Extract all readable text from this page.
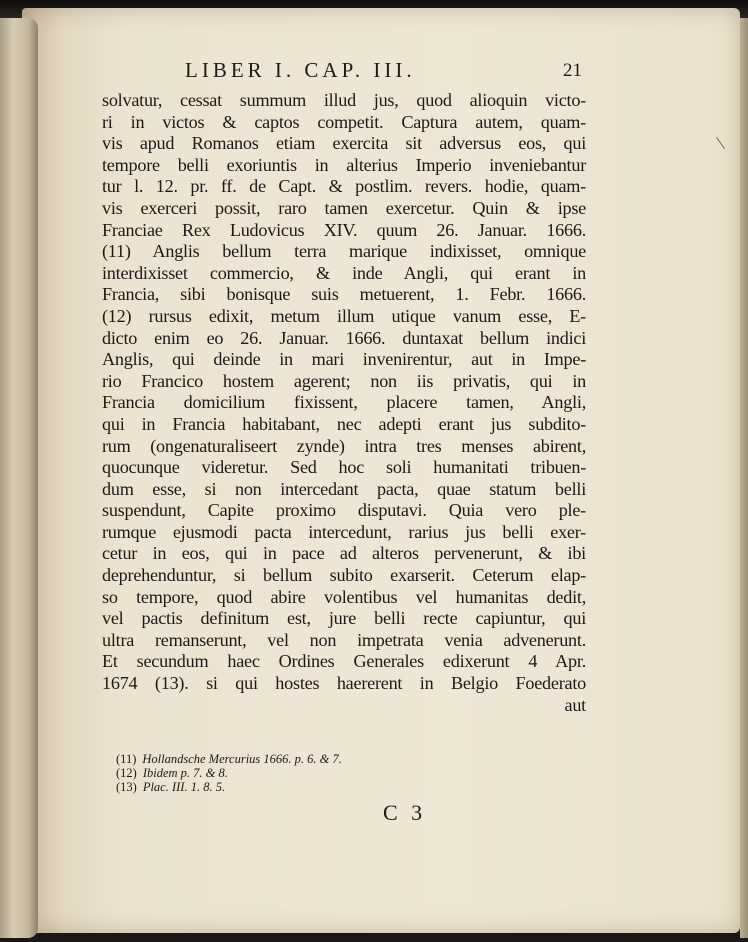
LIBER I. CAP. III.	21
solvatur, cessat summum illud jus, quod alioquin victo-
ri in victos & captos competit. Captura autem, quam-
vis apud Romanos etiam exercita sit adversus eos, qui
tempore belli exoriuntis in alterius Imperio inveniebantur
tur l. 12. pr. ff. de Capt. & postlim. revers. hodie, quam-
vis exerceri possit, raro tamen exercetur. Quin & ipse
Franciae Rex Ludovicus XIV. quum 26. Januar. 1666.
(11) Anglis bellum terra marique indixisset, omnique
interdixisset commercio, & inde Angli, qui erant in
Francia, sibi bonisque suis metuerent, 1. Febr. 1666.
(12) rursus edixit, metum illum utique vanum esse, E-
dicto enim eo 26. Januar. 1666. duntaxat bellum indici
Anglis, qui deinde in mari invenirentur, aut in Impe-
rio Francico hostem agerent; non iis privatis, qui in
Francia domicilium fixissent, placere tamen, Angli,
qui in Francia habitabant, nec adepti erant jus subdito-
rum (ongenaturaliseert zynde) intra tres menses abirent,
quocunque videretur. Sed hoc soli humanitati tribuen-
dum esse, si non intercedant pacta, quae statum belli
suspendunt, Capite proximo disputavi. Quia vero ple-
rumque ejusmodi pacta intercedunt, rarius jus belli exer-
cetur in eos, qui in pace ad alteros pervenerunt, & ibi
deprehenduntur, si bellum subito exarserit. Ceterum elap-
so tempore, quod abire volentibus vel humanitas dedit,
vel pactis definitum est, jure belli recte capiuntur, qui
ultra remanserunt, vel non impetrata venia advenerunt.
Et secundum haec Ordines Generales edixerunt 4 Apr.
1674 (13). si qui hostes haererent in Belgio Foederato
aut
(11) Hollandsche Mercurius 1666. p. 6. & 7.
(12) Ibidem p. 7. & 8.
(13) Plac. III. 1. 8. 5.
C 3
